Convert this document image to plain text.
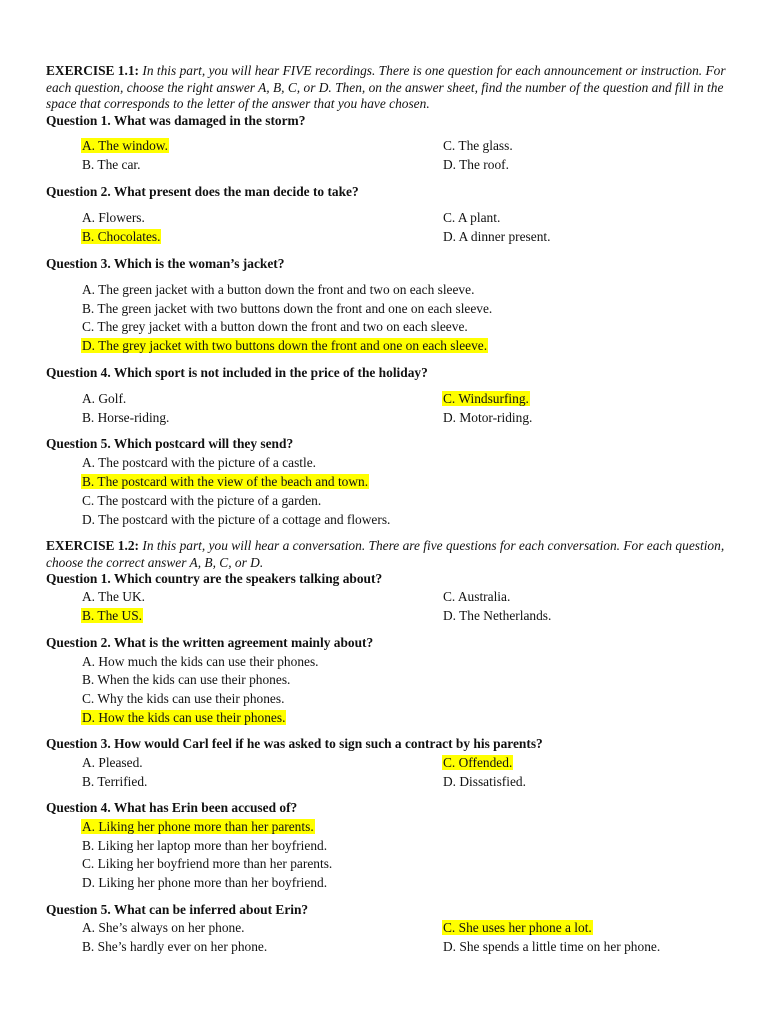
EXERCISE 1.1: In this part, you will hear FIVE recordings. There is one question for each announcement or instruction. For each question, choose the right answer A, B, C, or D. Then, on the answer sheet, find the number of the question and fill in the space that corresponds to the letter of the answer that you have chosen.
Question 1. What was damaged in the storm?
A. The window.	C. The glass.
B. The car.	D. The roof.
Question 2. What present does the man decide to take?
A. Flowers.	C. A plant.
B. Chocolates.	D. A dinner present.
Question 3. Which is the woman’s jacket?
A. The green jacket with a button down the front and two on each sleeve.
B. The green jacket with two buttons down the front and one on each sleeve.
C. The grey jacket with a button down the front and two on each sleeve.
D. The grey jacket with two buttons down the front and one on each sleeve.
Question 4. Which sport is not included in the price of the holiday?
A. Golf.	C. Windsurfing.
B. Horse-riding.	D. Motor-riding.
Question 5. Which postcard will they send?
A. The postcard with the picture of a castle.
B. The postcard with the view of the beach and town.
C. The postcard with the picture of a garden.
D. The postcard with the picture of a cottage and flowers.
EXERCISE 1.2: In this part, you will hear a conversation. There are five questions for each conversation. For each question, choose the correct answer A, B, C, or D.
Question 1. Which country are the speakers talking about?
A. The UK.	C. Australia.
B. The US.	D. The Netherlands.
Question 2. What is the written agreement mainly about?
A. How much the kids can use their phones.
B. When the kids can use their phones.
C. Why the kids can use their phones.
D. How the kids can use their phones.
Question 3. How would Carl feel if he was asked to sign such a contract by his parents?
A. Pleased.	C. Offended.
B. Terrified.	D. Dissatisfied.
Question 4. What has Erin been accused of?
A. Liking her phone more than her parents.
B. Liking her laptop more than her boyfriend.
C. Liking her boyfriend more than her parents.
D. Liking her phone more than her boyfriend.
Question 5. What can be inferred about Erin?
A. She’s always on her phone.	C. She uses her phone a lot.
B. She’s hardly ever on her phone.	D. She spends a little time on her phone.
